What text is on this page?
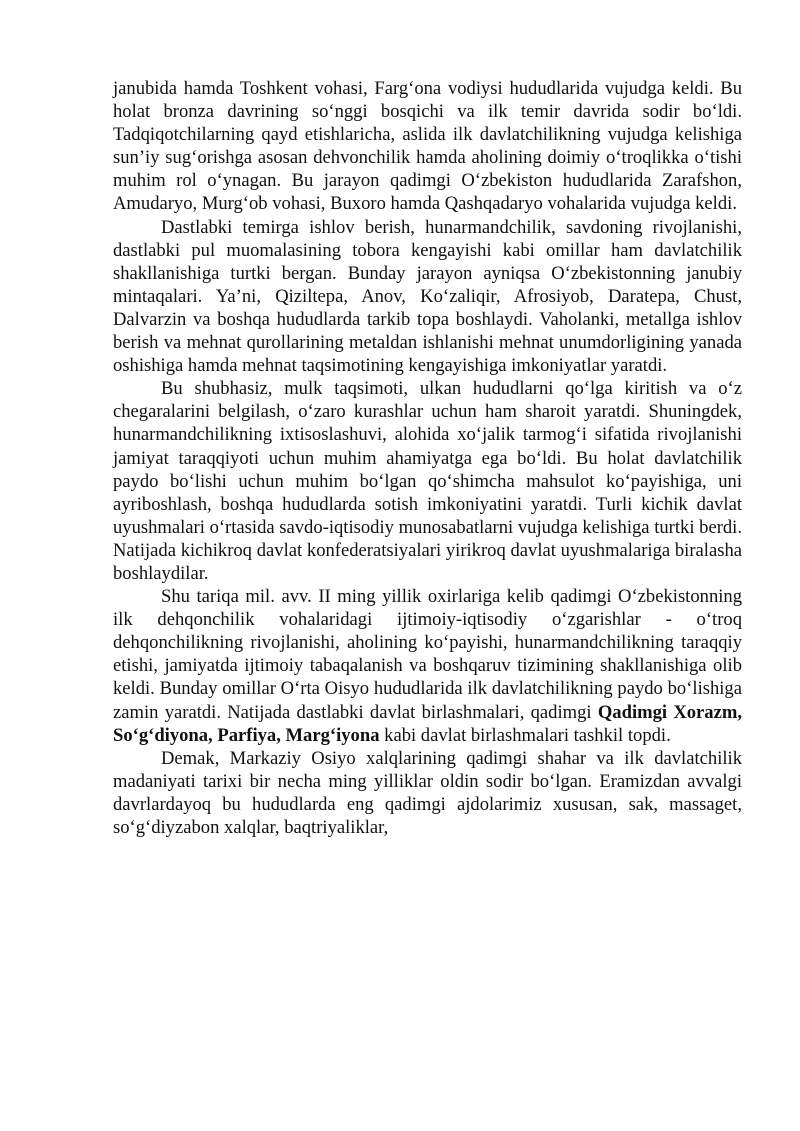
janubida hamda Toshkent vohasi, Farg‘ona vodiysi hududlarida vujudga keldi. Bu holat bronza davrining so‘nggi bosqichi va ilk temir davrida sodir bo‘ldi. Tadqiqotchilarning qayd etishlaricha, aslida ilk davlatchilikning vujudga kelishiga sun’iy sug‘orishga asosan dehvonchilik hamda aholining doimiy o‘troqlikka o‘tishi muhim rol o‘ynagan. Bu jarayon qadimgi O‘zbekiston hududlarida Zarafshon, Amudaryo, Murg‘ob vohasi, Buxoro hamda Qashqadaryo vohalarida vujudga keldi.

Dastlabki temirga ishlov berish, hunarmandchilik, savdoning rivojlanishi, dastlabki pul muomalasining tobora kengayishi kabi omillar ham davlatchilik shakllanishiga turtki bergan. Bunday jarayon ayniqsa O‘zbekistonning janubiy mintaqalari. Ya’ni, Qiziltepa, Anov, Ko‘zaliqir, Afrosiyob, Daratepa, Chust, Dalvarzin va boshqa hududlarda tarkib topa boshlaydi. Vaholanki, metallga ishlov berish va mehnat qurollarining metaldan ishlanishi mehnat unumdorligining yanada oshishiga hamda mehnat taqsimotining kengayishiga imkoniyatlar yaratdi.

Bu shubhasiz, mulk taqsimoti, ulkan hududlarni qo‘lga kiritish va o‘z chegaralarini belgilash, o‘zaro kurashlar uchun ham sharoit yaratdi. Shuningdek, hunarmandchilikning ixtisoslashuvi, alohida xo‘jalik tarmog‘i sifatida rivojlanishi jamiyat taraqqiyoti uchun muhim ahamiyatga ega bo‘ldi. Bu holat davlatchilik paydo bo‘lishi uchun muhim bo‘lgan qo‘shimcha mahsulot ko‘payishiga, uni ayriboshlash, boshqa hududlarda sotish imkoniyatini yaratdi. Turli kichik davlat uyushmalari o‘rtasida savdo-iqtisodiy munosabatlarni vujudga kelishiga turtki berdi. Natijada kichikroq davlat konfederatsiyalari yirikroq davlat uyushmalariga biralasha boshlaydilar.

Shu tariqa mil. avv. II ming yillik oxirlariga kelib qadimgi O‘zbekistonning ilk dehqonchilik vohalaridagi ijtimoiy-iqtisodiy o‘zgarishlar - o‘troq dehqonchilikning rivojlanishi, aholining ko‘payishi, hunarmandchilikning taraqqiy etishi, jamiyatda ijtimoiy tabaqalanish va boshqaruv tizimining shakllanishiga olib keldi. Bunday omillar O‘rta Oisyo hududlarida ilk davlatchilikning paydo bo‘lishiga zamin yaratdi. Natijada dastlabki davlat birlashmalari, qadimgi Qadimgi Xorazm, So‘g‘diyona, Parfiya, Marg‘iyona kabi davlat birlashmalari tashkil topdi.

Demak, Markaziy Osiyo xalqlarining qadimgi shahar va ilk davlatchilik madaniyati tarixi bir necha ming yilliklar oldin sodir bo‘lgan. Eramizdan avvalgi davrlardayoq bu hududlarda eng qadimgi ajdolarimiz xususan, sak, massaget, so‘g‘diyzabon xalqlar, baqtriyaliklar,
